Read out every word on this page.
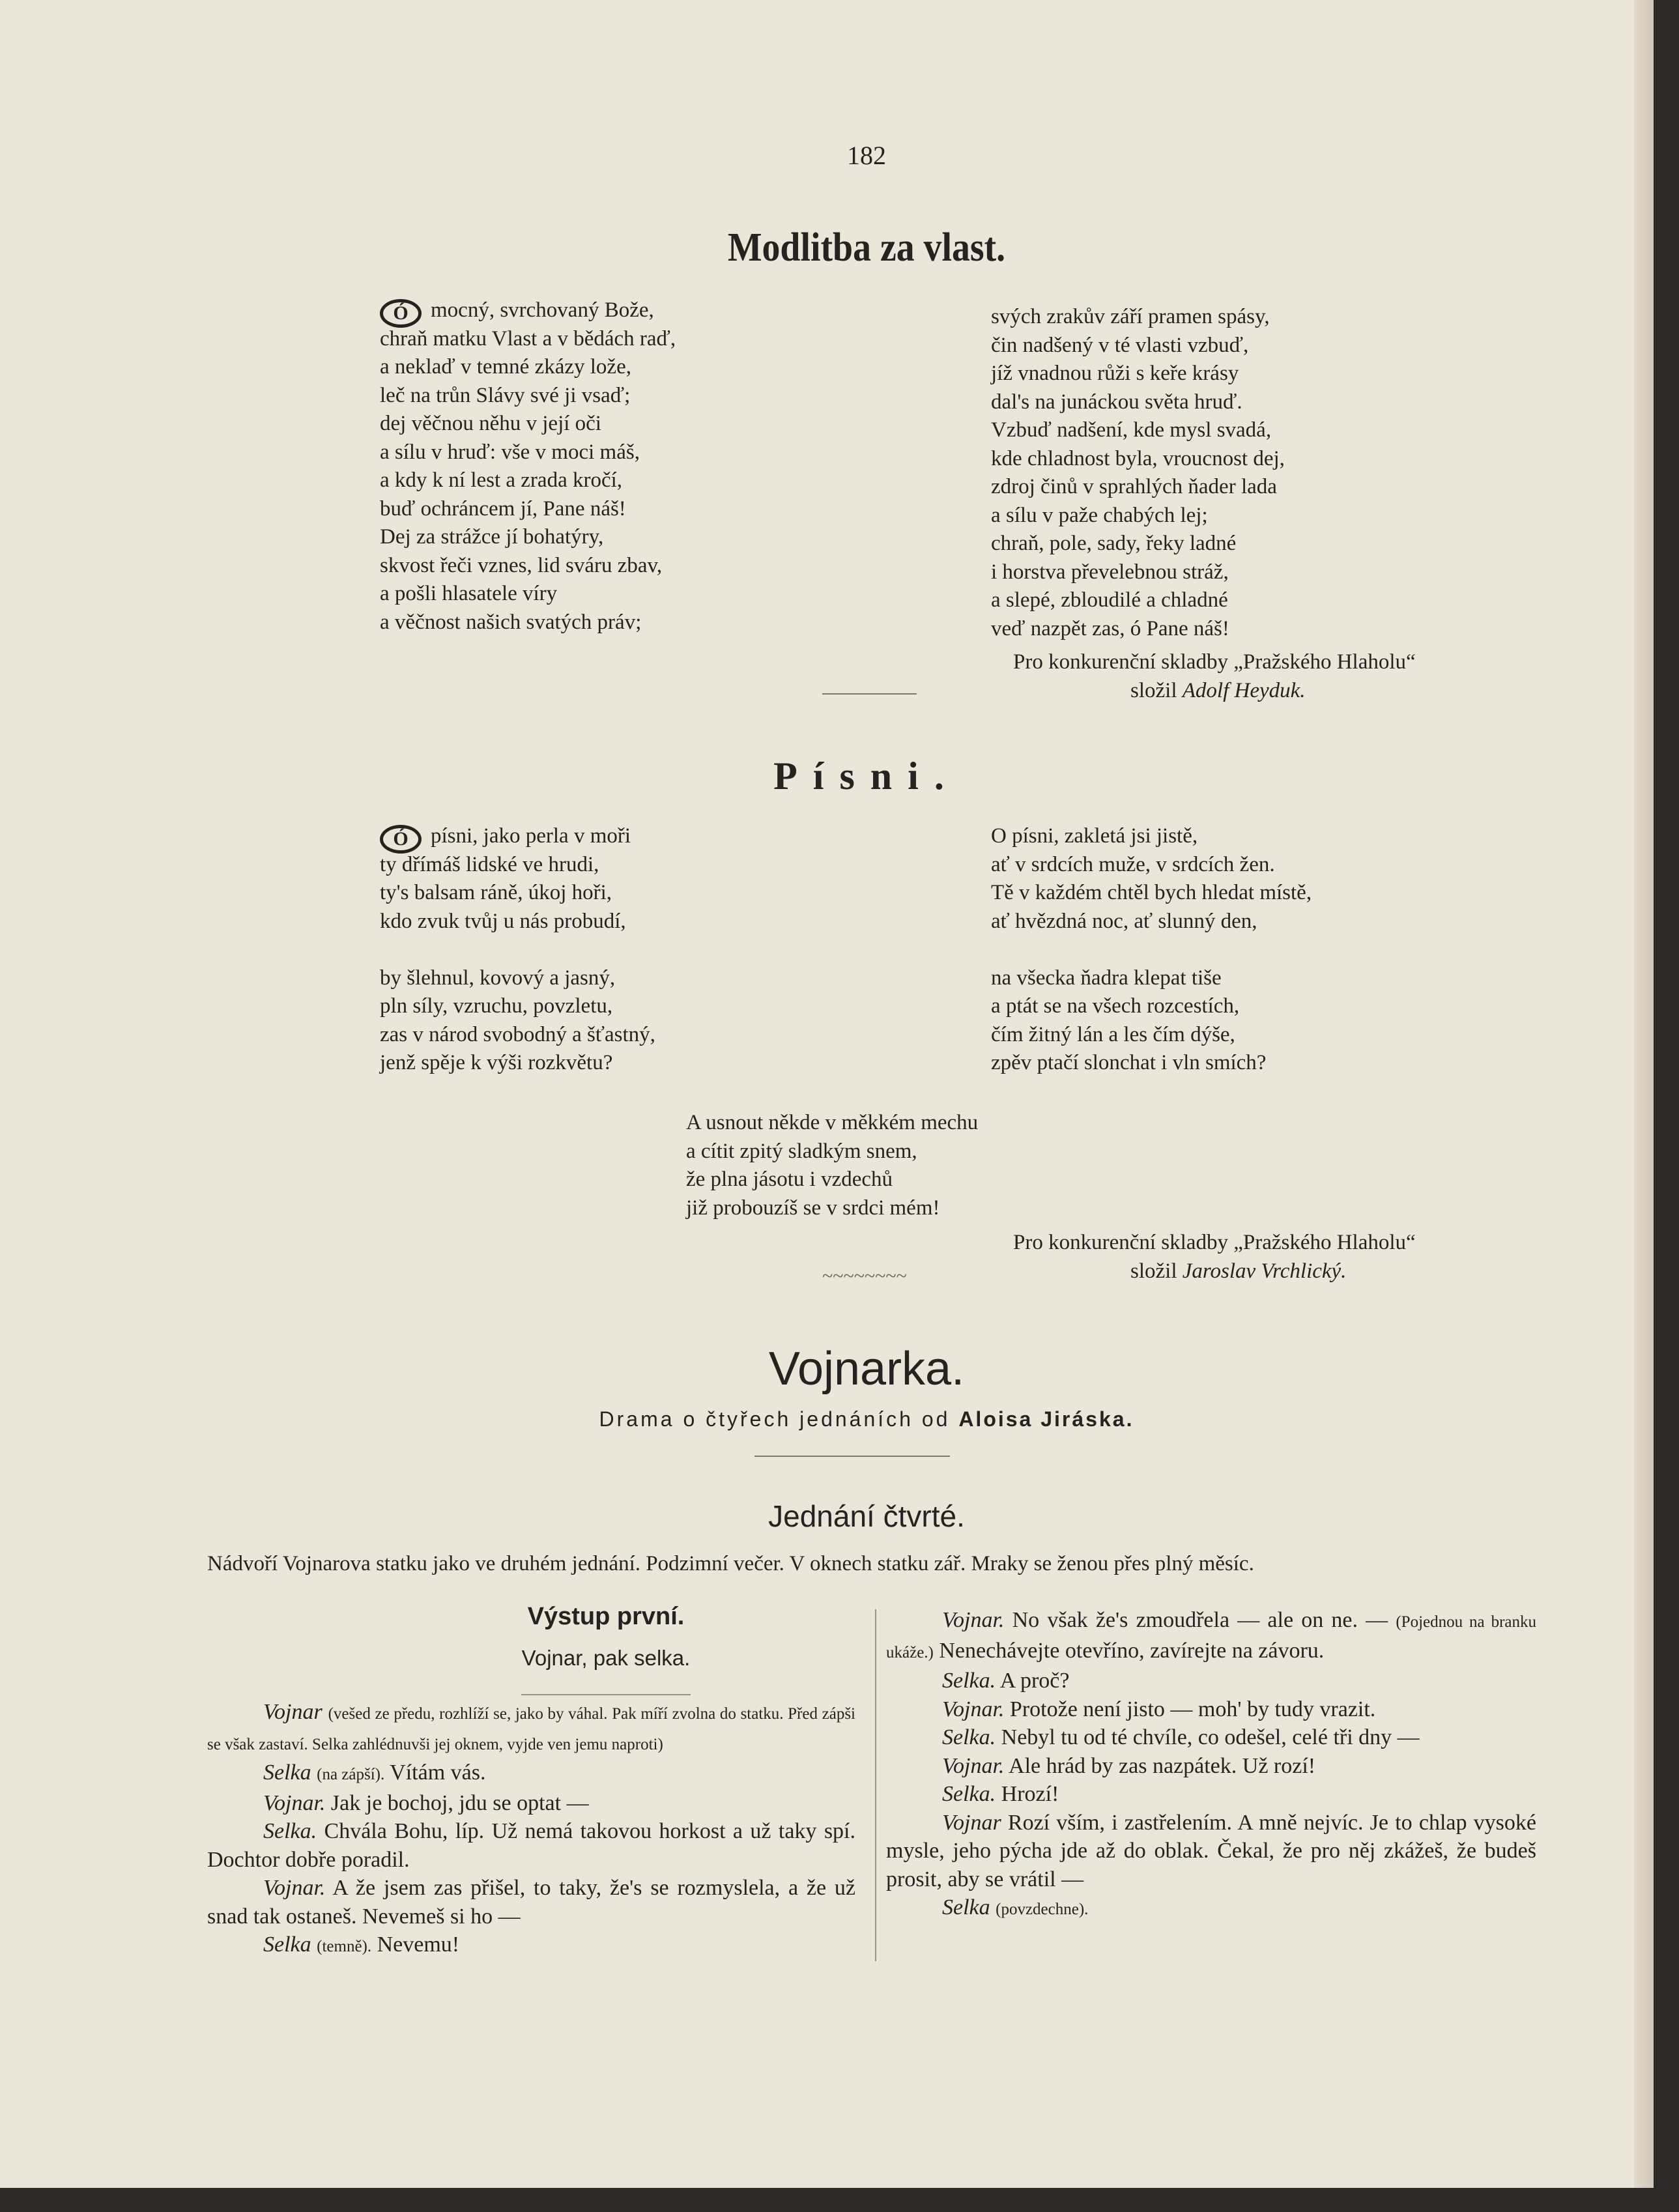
182
Modlitba za vlast.
Ó mocný, svrchovaný Bože,
chraň matku Vlast a v bědách raď,
a neklaď v temné zkázy lože,
leč na trůn Slávy své ji vsaď;
dej věčnou něhu v její oči
a sílu v hruď: vše v moci máš,
a kdy k ní lest a zrada kročí,
buď ochráncem jí, Pane náš!
Dej za strážce jí bohatýry,
skvost řeči vznes, lid sváru zbav,
a pošli hlasatele víry
a věčnost našich svatých práv;
svých zrakův září pramen spásy,
čin nadšený v té vlasti vzbuď,
jíž vnadnou růži s keře krásy
dal's na junáckou světa hruď.
Vzbuď nadšení, kde mysl svadá,
kde chladnost byla, vroucnost dej,
zdroj činů v sprahlých ňader lada
a sílu v paže chabých lej;
chraň, pole, sady, řeky ladné
i horstva převelebnou stráž,
a slepé, zbloudilé a chladné
veď nazpět zas, ó Pane náš!
Pro konkurenční skladby „Pražského Hlaholu“
složil Adolf Heyduk.
Písni.
Ó písni, jako perla v moři
ty dřímáš lidské ve hrudi,
ty's balsam ráně, úkoj hoři,
kdo zvuk tvůj u nás probudí,
by šlehnul, kovový a jasný,
pln síly, vzruchu, povzletu,
zas v národ svobodný a šťastný,
jenž spěje k výši rozkvětu?
O písni, zakletá jsi jistě,
ať v srdcích muže, v srdcích žen.
Tě v každém chtěl bych hledat místě,
ať hvězdná noc, ať slunný den,
na všecka ňadra klepat tiše
a ptát se na všech rozcestích,
čím žitný lán a les čím dýše,
zpěv ptačí slonchat i vln smích?
A usnout někde v měkkém mechu
a cítit zpitý sladkým snem,
že plna jásotu i vzdechů
již probouzíš se v srdci mém!
Pro konkurenční skladby „Pražského Hlaholu“
složil Jaroslav Vrchlický.
~~~~~~~~
Vojnarka.
Drama o čtyřech jednáních od Aloisa Jiráska.
Jednání čtvrté.
Nádvoří Vojnarova statku jako ve druhém jednání. Podzimní večer. V oknech statku zář. Mraky se ženou přes plný měsíc.
Výstup první.
Vojnar, pak selka.

Vojnar (vešed ze předu, rozhlíží se, jako by váhal. Pak míří zvolna do statku. Před zápši se však zastaví. Selka zahlédnuvši jej oknem, vyjde ven jemu naproti)

Selka (na zápší). Vítám vás.

Vojnar. Jak je bochoj, jdu se optat —

Selka. Chvála Bohu, líp. Už nemá takovou horkost a už taky spí. Dochtor dobře poradil.

Vojnar. A že jsem zas přišel, to taky, že's se rozmyslela, a že už snad tak ostaneš. Nevemeš si ho —

Selka (temně). Nevemu!

Vojnar. No však že's zmoudřela — ale on ne. — (Pojednou na branku ukáže.) Nenechávejte otevříno, zavírejte na závoru.

Selka. A proč?

Vojnar. Protože není jisto — moh' by tudy vrazit.

Selka. Nebyl tu od té chvíle, co odešel, celé tři dny —

Vojnar. Ale hrád by zas nazpátek. Už rozí!

Selka. Hrozí!

Vojnar Rozí vším, i zastřelením. A mně nejvíc. Je to chlap vysoké mysle, jeho pýcha jde až do oblak. Čekal, že pro něj zkážeš, že budeš prosit, aby se vrátil —

Selka (povzdechne).
